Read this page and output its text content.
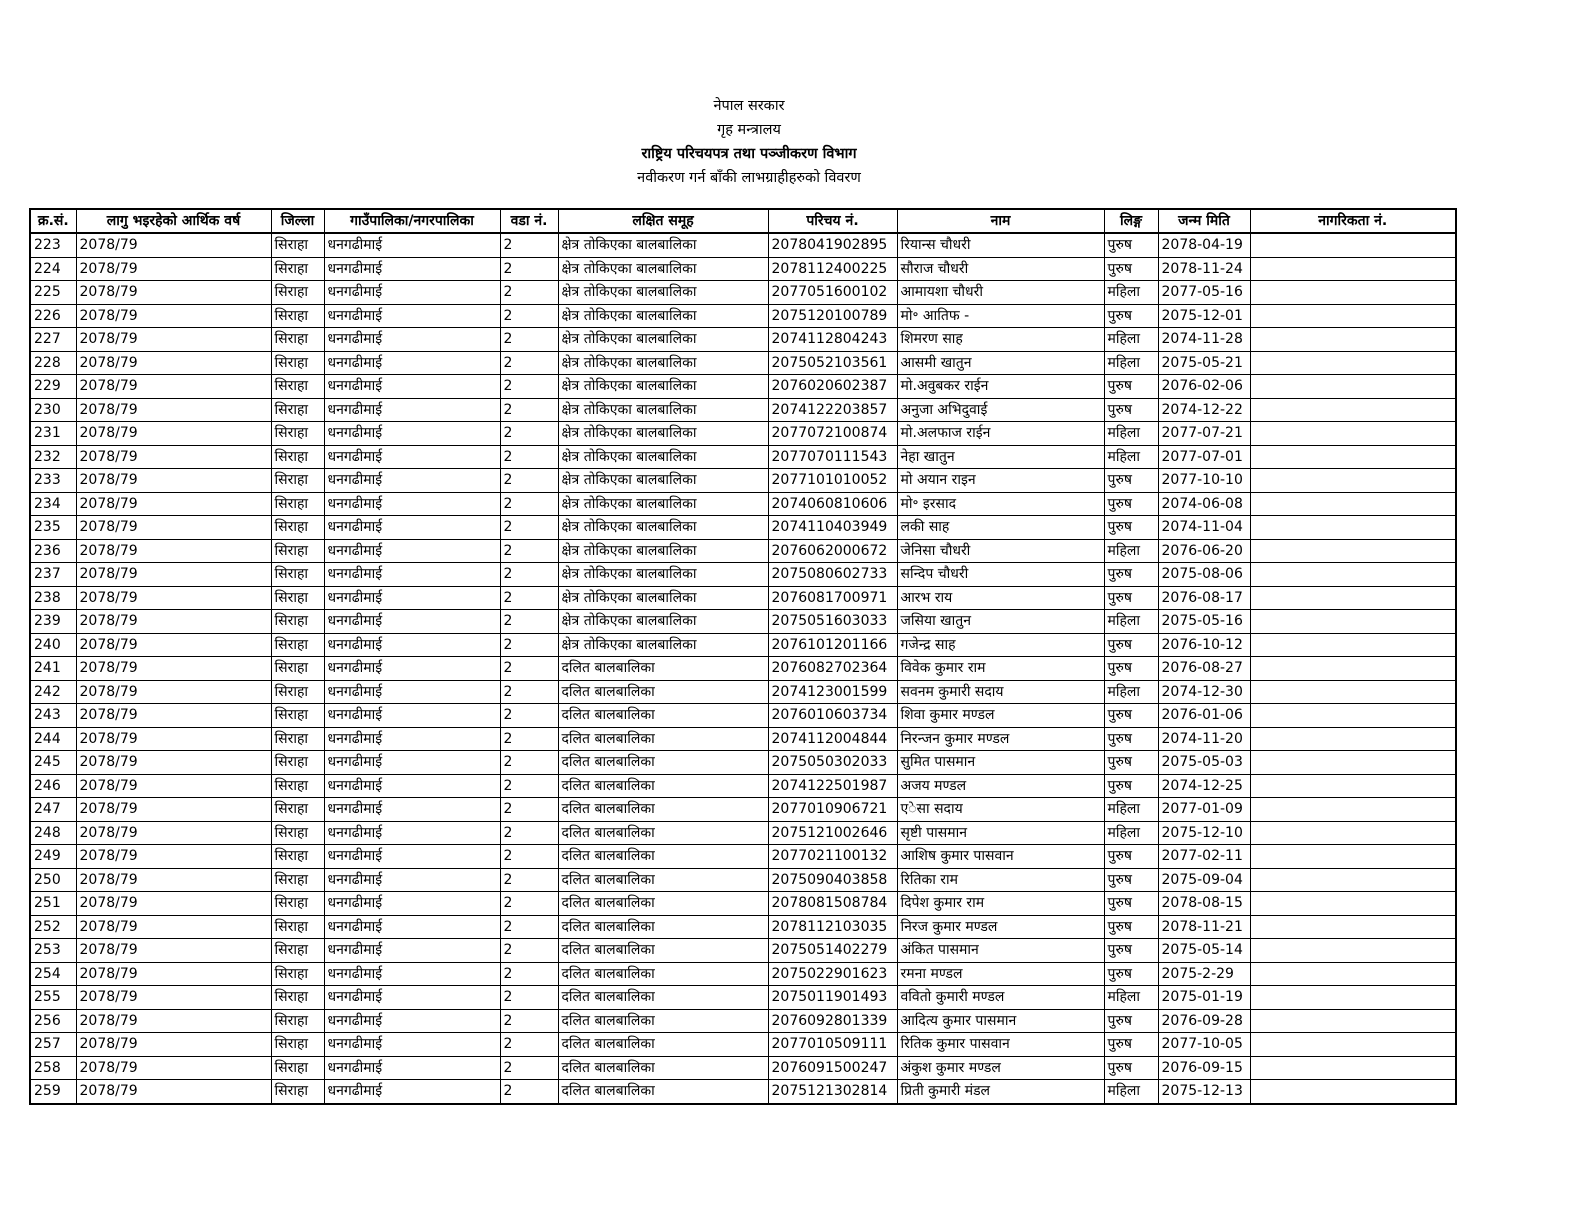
नेपाल सरकार
गृह मन्त्रालय
राष्ट्रिय परिचयपत्र तथा पञ्जीकरण विभाग
नवीकरण गर्न बाँकी लाभग्राहीहरुको विवरण
क्र.सं.	लागु भइरहेको आर्थिक वर्ष	जिल्ला	गाउँपालिका/नगरपालिका	वडा नं.	लक्षित समूह	परिचय नं.	नाम	लिङ्ग	जन्म मिति	नागरिकता नं.
223	2078/79	सिराहा	धनगढीमाई	2	क्षेत्र तोकिएका बालबालिका	2078041902895	रियान्स चौधरी	पुरुष	2078-04-19	
224	2078/79	सिराहा	धनगढीमाई	2	क्षेत्र तोकिएका बालबालिका	2078112400225	सौराज चौधरी	पुरुष	2078-11-24	
225	2078/79	सिराहा	धनगढीमाई	2	क्षेत्र तोकिएका बालबालिका	2077051600102	आमायशा चौधरी	महिला	2077-05-16	
226	2078/79	सिराहा	धनगढीमाई	2	क्षेत्र तोकिएका बालबालिका	2075120100789	मो॰ आतिफ -	पुरुष	2075-12-01	
227	2078/79	सिराहा	धनगढीमाई	2	क्षेत्र तोकिएका बालबालिका	2074112804243	शिमरण साह	महिला	2074-11-28	
228	2078/79	सिराहा	धनगढीमाई	2	क्षेत्र तोकिएका बालबालिका	2075052103561	आसमी खातुन	महिला	2075-05-21	
229	2078/79	सिराहा	धनगढीमाई	2	क्षेत्र तोकिएका बालबालिका	2076020602387	मो.अवुबकर राईन	पुरुष	2076-02-06	
230	2078/79	सिराहा	धनगढीमाई	2	क्षेत्र तोकिएका बालबालिका	2074122203857	अनुजा अभिदुवाई	पुरुष	2074-12-22	
231	2078/79	सिराहा	धनगढीमाई	2	क्षेत्र तोकिएका बालबालिका	2077072100874	मो.अलफाज राईन	महिला	2077-07-21	
232	2078/79	सिराहा	धनगढीमाई	2	क्षेत्र तोकिएका बालबालिका	2077070111543	नेहा खातुन	महिला	2077-07-01	
233	2078/79	सिराहा	धनगढीमाई	2	क्षेत्र तोकिएका बालबालिका	2077101010052	मो अयान राइन	पुरुष	2077-10-10	
234	2078/79	सिराहा	धनगढीमाई	2	क्षेत्र तोकिएका बालबालिका	2074060810606	मो॰ इरसाद	पुरुष	2074-06-08	
235	2078/79	सिराहा	धनगढीमाई	2	क्षेत्र तोकिएका बालबालिका	2074110403949	लकी साह	पुरुष	2074-11-04	
236	2078/79	सिराहा	धनगढीमाई	2	क्षेत्र तोकिएका बालबालिका	2076062000672	जेनिसा चौधरी	महिला	2076-06-20	
237	2078/79	सिराहा	धनगढीमाई	2	क्षेत्र तोकिएका बालबालिका	2075080602733	सन्दिप चौधरी	पुरुष	2075-08-06	
238	2078/79	सिराहा	धनगढीमाई	2	क्षेत्र तोकिएका बालबालिका	2076081700971	आरभ राय	पुरुष	2076-08-17	
239	2078/79	सिराहा	धनगढीमाई	2	क्षेत्र तोकिएका बालबालिका	2075051603033	जसिया खातुन	महिला	2075-05-16	
240	2078/79	सिराहा	धनगढीमाई	2	क्षेत्र तोकिएका बालबालिका	2076101201166	गजेन्द्र साह	पुरुष	2076-10-12	
241	2078/79	सिराहा	धनगढीमाई	2	दलित बालबालिका	2076082702364	विवेक कुमार राम	पुरुष	2076-08-27	
242	2078/79	सिराहा	धनगढीमाई	2	दलित बालबालिका	2074123001599	सवनम कुमारी सदाय	महिला	2074-12-30	
243	2078/79	सिराहा	धनगढीमाई	2	दलित बालबालिका	2076010603734	शिवा कुमार मण्डल	पुरुष	2076-01-06	
244	2078/79	सिराहा	धनगढीमाई	2	दलित बालबालिका	2074112004844	निरन्जन कुमार मण्डल	पुरुष	2074-11-20	
245	2078/79	सिराहा	धनगढीमाई	2	दलित बालबालिका	2075050302033	सुमित पासमान	पुरुष	2075-05-03	
246	2078/79	सिराहा	धनगढीमाई	2	दलित बालबालिका	2074122501987	अजय मण्डल	पुरुष	2074-12-25	
247	2078/79	सिराहा	धनगढीमाई	2	दलित बालबालिका	2077010906721	एेसा सदाय	महिला	2077-01-09	
248	2078/79	सिराहा	धनगढीमाई	2	दलित बालबालिका	2075121002646	सृष्टी पासमान	महिला	2075-12-10	
249	2078/79	सिराहा	धनगढीमाई	2	दलित बालबालिका	2077021100132	आशिष कुमार पासवान	पुरुष	2077-02-11	
250	2078/79	सिराहा	धनगढीमाई	2	दलित बालबालिका	2075090403858	रितिका राम	पुरुष	2075-09-04	
251	2078/79	सिराहा	धनगढीमाई	2	दलित बालबालिका	2078081508784	दिपेश कुमार राम	पुरुष	2078-08-15	
252	2078/79	सिराहा	धनगढीमाई	2	दलित बालबालिका	2078112103035	निरज कुमार मण्डल	पुरुष	2078-11-21	
253	2078/79	सिराहा	धनगढीमाई	2	दलित बालबालिका	2075051402279	अंकित पासमान	पुरुष	2075-05-14	
254	2078/79	सिराहा	धनगढीमाई	2	दलित बालबालिका	2075022901623	रमना मण्डल	पुरुष	2075-2-29	
255	2078/79	सिराहा	धनगढीमाई	2	दलित बालबालिका	2075011901493	ववितो कुमारी मण्डल	महिला	2075-01-19	
256	2078/79	सिराहा	धनगढीमाई	2	दलित बालबालिका	2076092801339	आदित्य कुमार पासमान	पुरुष	2076-09-28	
257	2078/79	सिराहा	धनगढीमाई	2	दलित बालबालिका	2077010509111	रितिक कुमार पासवान	पुरुष	2077-10-05	
258	2078/79	सिराहा	धनगढीमाई	2	दलित बालबालिका	2076091500247	अंकुश कुमार मण्डल	पुरुष	2076-09-15	
259	2078/79	सिराहा	धनगढीमाई	2	दलित बालबालिका	2075121302814	प्रिती कुमारी मंडल	महिला	2075-12-13	
